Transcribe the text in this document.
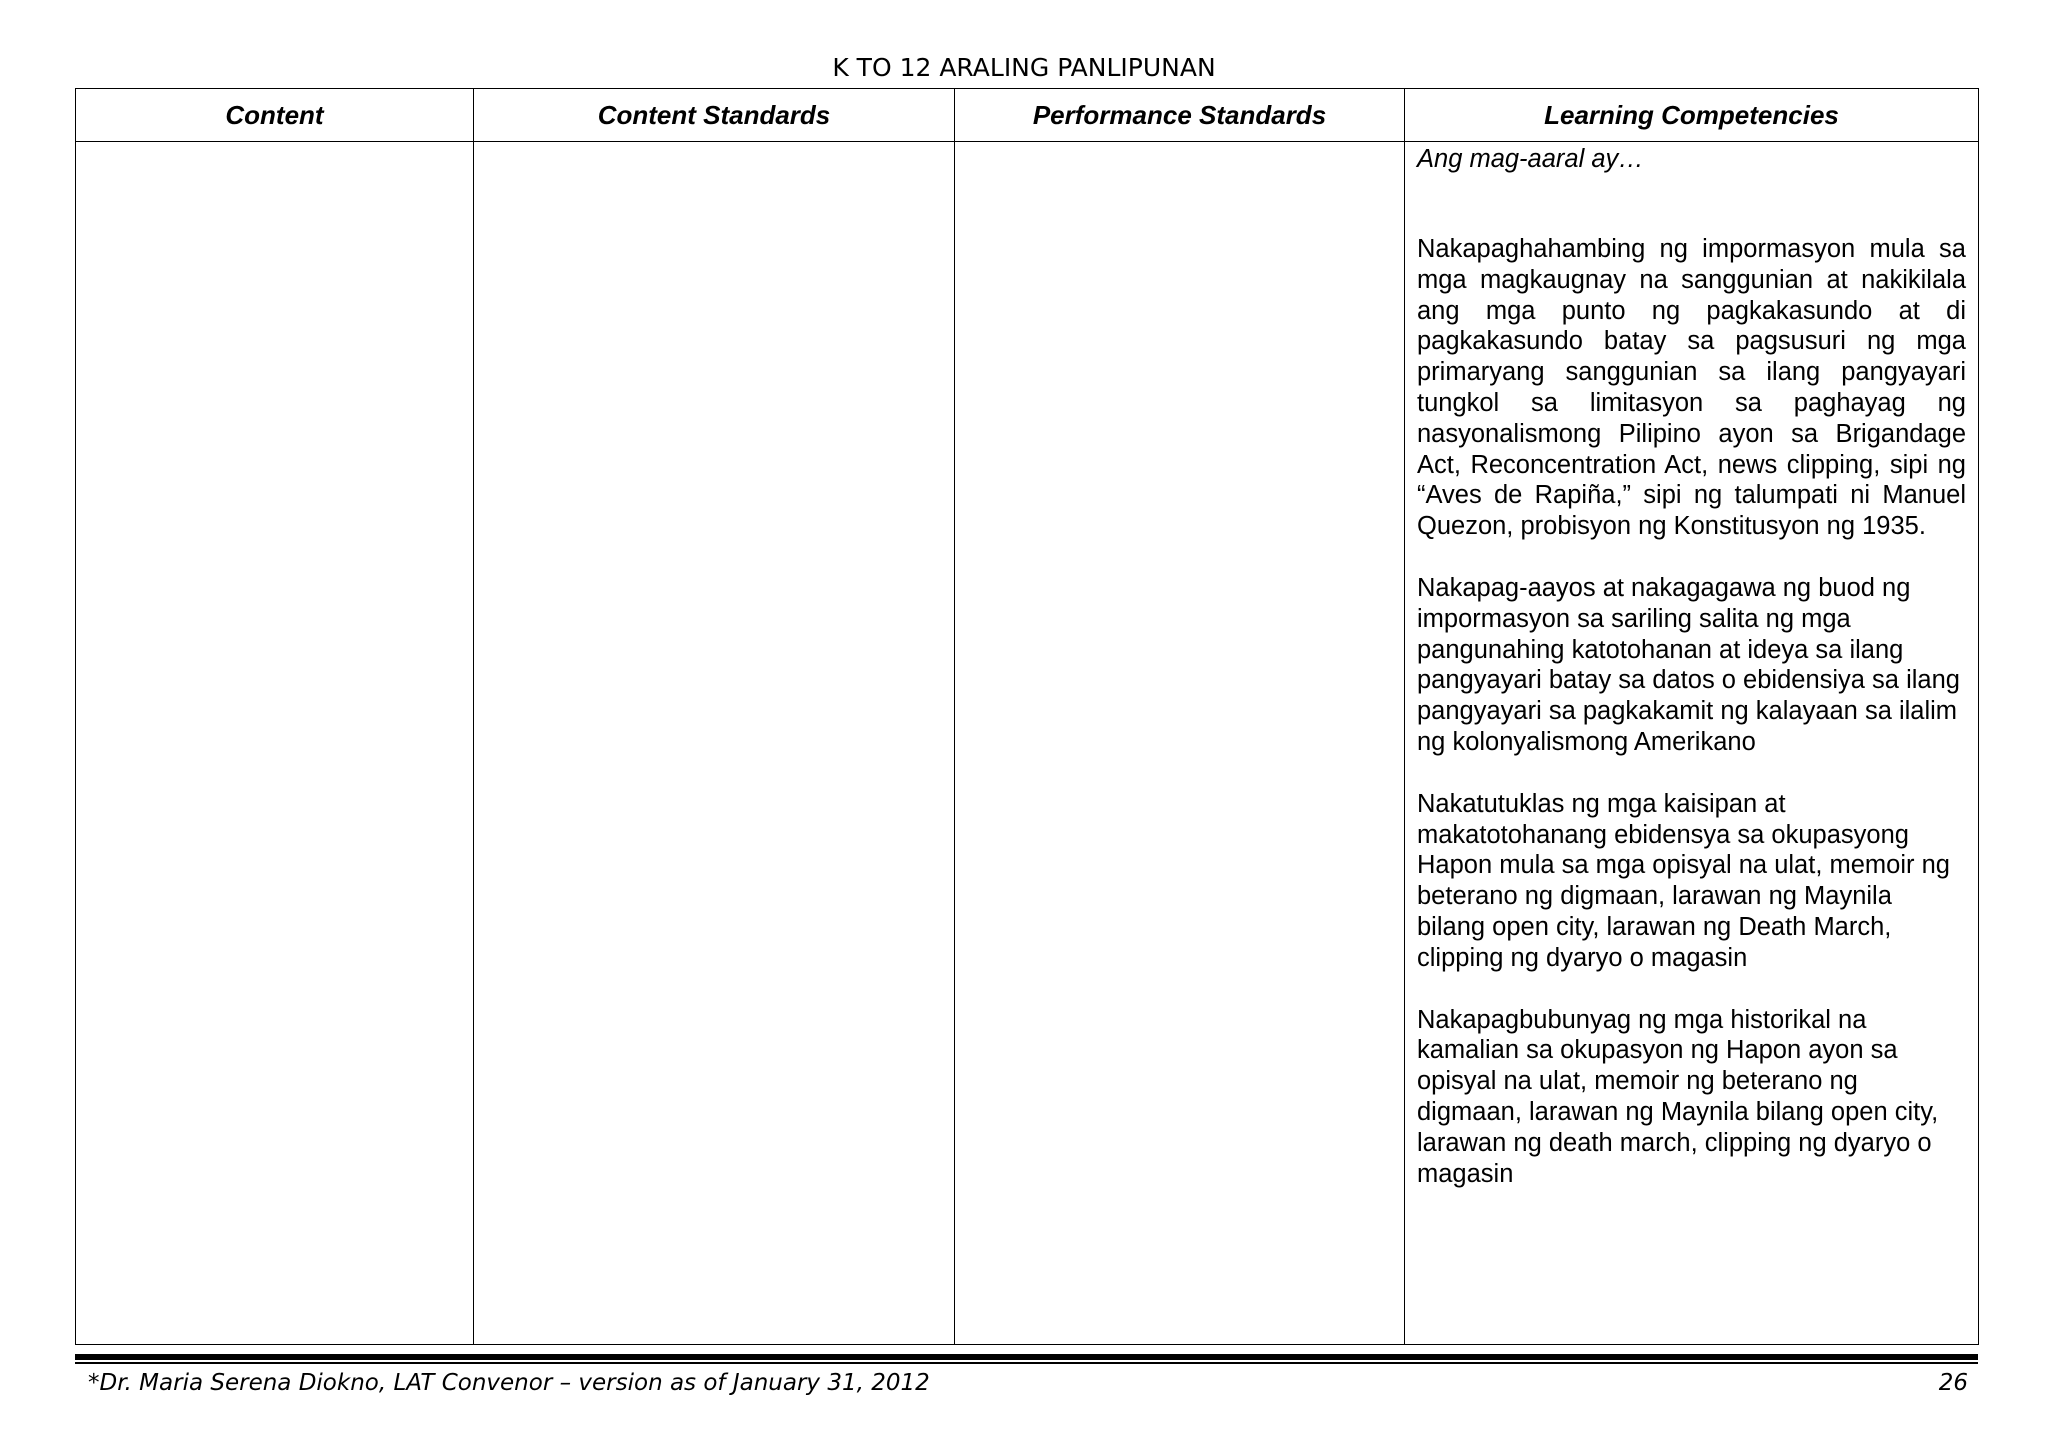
K TO 12 ARALING PANLIPUNAN
Content	Content Standards	Performance Standards	Learning Competencies

			Ang mag-aaral ay…

Nakapaghahambing ng impormasyon mula sa mga magkaugnay na sanggunian at nakikilala ang mga punto ng pagkakasundo at di pagkakasundo batay sa pagsusuri ng mga primaryang sanggunian sa ilang pangyayari tungkol sa limitasyon sa paghayag ng nasyonalismong Pilipino ayon sa Brigandage Act, Reconcentration Act, news clipping, sipi ng “Aves de Rapiña,” sipi ng talumpati ni Manuel Quezon, probisyon ng Konstitusyon ng 1935.

Nakapag-aayos at nakagagawa ng buod ng impormasyon sa sariling salita ng mga pangunahing katotohanan at ideya sa ilang pangyayari batay sa datos o ebidensiya sa ilang pangyayari sa pagkakamit ng kalayaan sa ilalim ng kolonyalismong Amerikano

Nakatutuklas ng mga kaisipan at makatotohanang ebidensya sa okupasyong Hapon mula sa mga opisyal na ulat, memoir ng beterano ng digmaan, larawan ng Maynila bilang open city, larawan ng Death March, clipping ng dyaryo o magasin

Nakapagbubunyag ng mga historikal na kamalian sa okupasyon ng Hapon ayon sa opisyal na ulat, memoir ng beterano ng digmaan, larawan ng Maynila bilang open city, larawan ng death march, clipping ng dyaryo o magasin

*Dr. Maria Serena Diokno, LAT Convenor – version as of January 31, 2012	26
